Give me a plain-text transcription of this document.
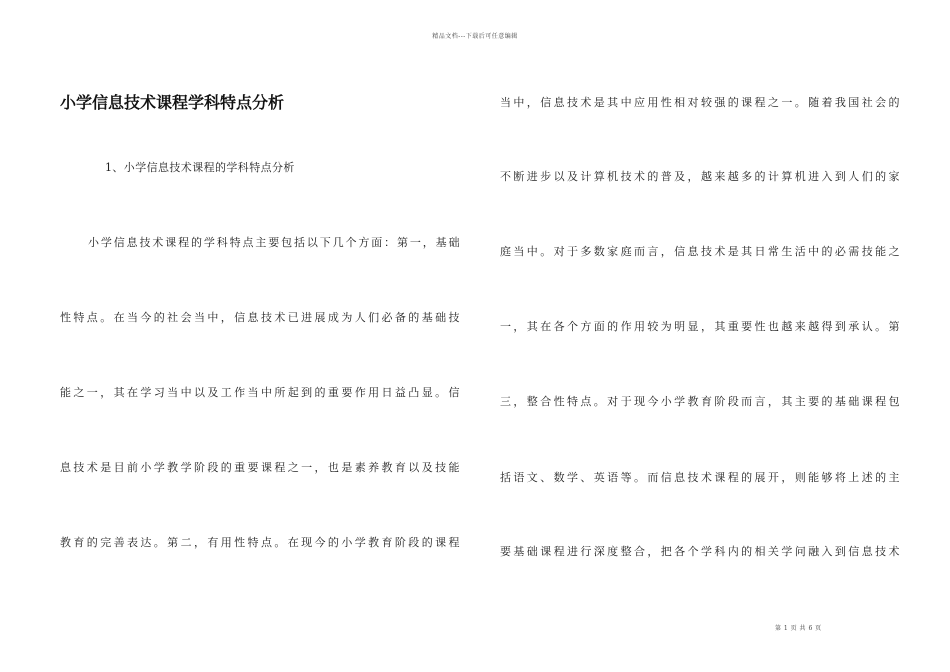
精品文档---下载后可任意编辑
小学信息技术课程学科特点分析
1、小学信息技术课程的学科特点分析
小学信息技术课程的学科特点主要包括以下几个方面：第一，基础
性特点。在当今的社会当中，信息技术已进展成为人们必备的基础技
能之一，其在学习当中以及工作当中所起到的重要作用日益凸显。信
息技术是目前小学教学阶段的重要课程之一，也是素养教育以及技能
教育的完善表达。第二，有用性特点。在现今的小学教育阶段的课程
当中，信息技术是其中应用性相对较强的课程之一。随着我国社会的
不断进步以及计算机技术的普及，越来越多的计算机进入到人们的家
庭当中。对于多数家庭而言，信息技术是其日常生活中的必需技能之
一，其在各个方面的作用较为明显，其重要性也越来越得到承认。第
三，整合性特点。对于现今小学教育阶段而言，其主要的基础课程包
括语文、数学、英语等。而信息技术课程的展开，则能够将上述的主
要基础课程进行深度整合，把各个学科内的相关学问融入到信息技术
第 1 页 共 6 页
